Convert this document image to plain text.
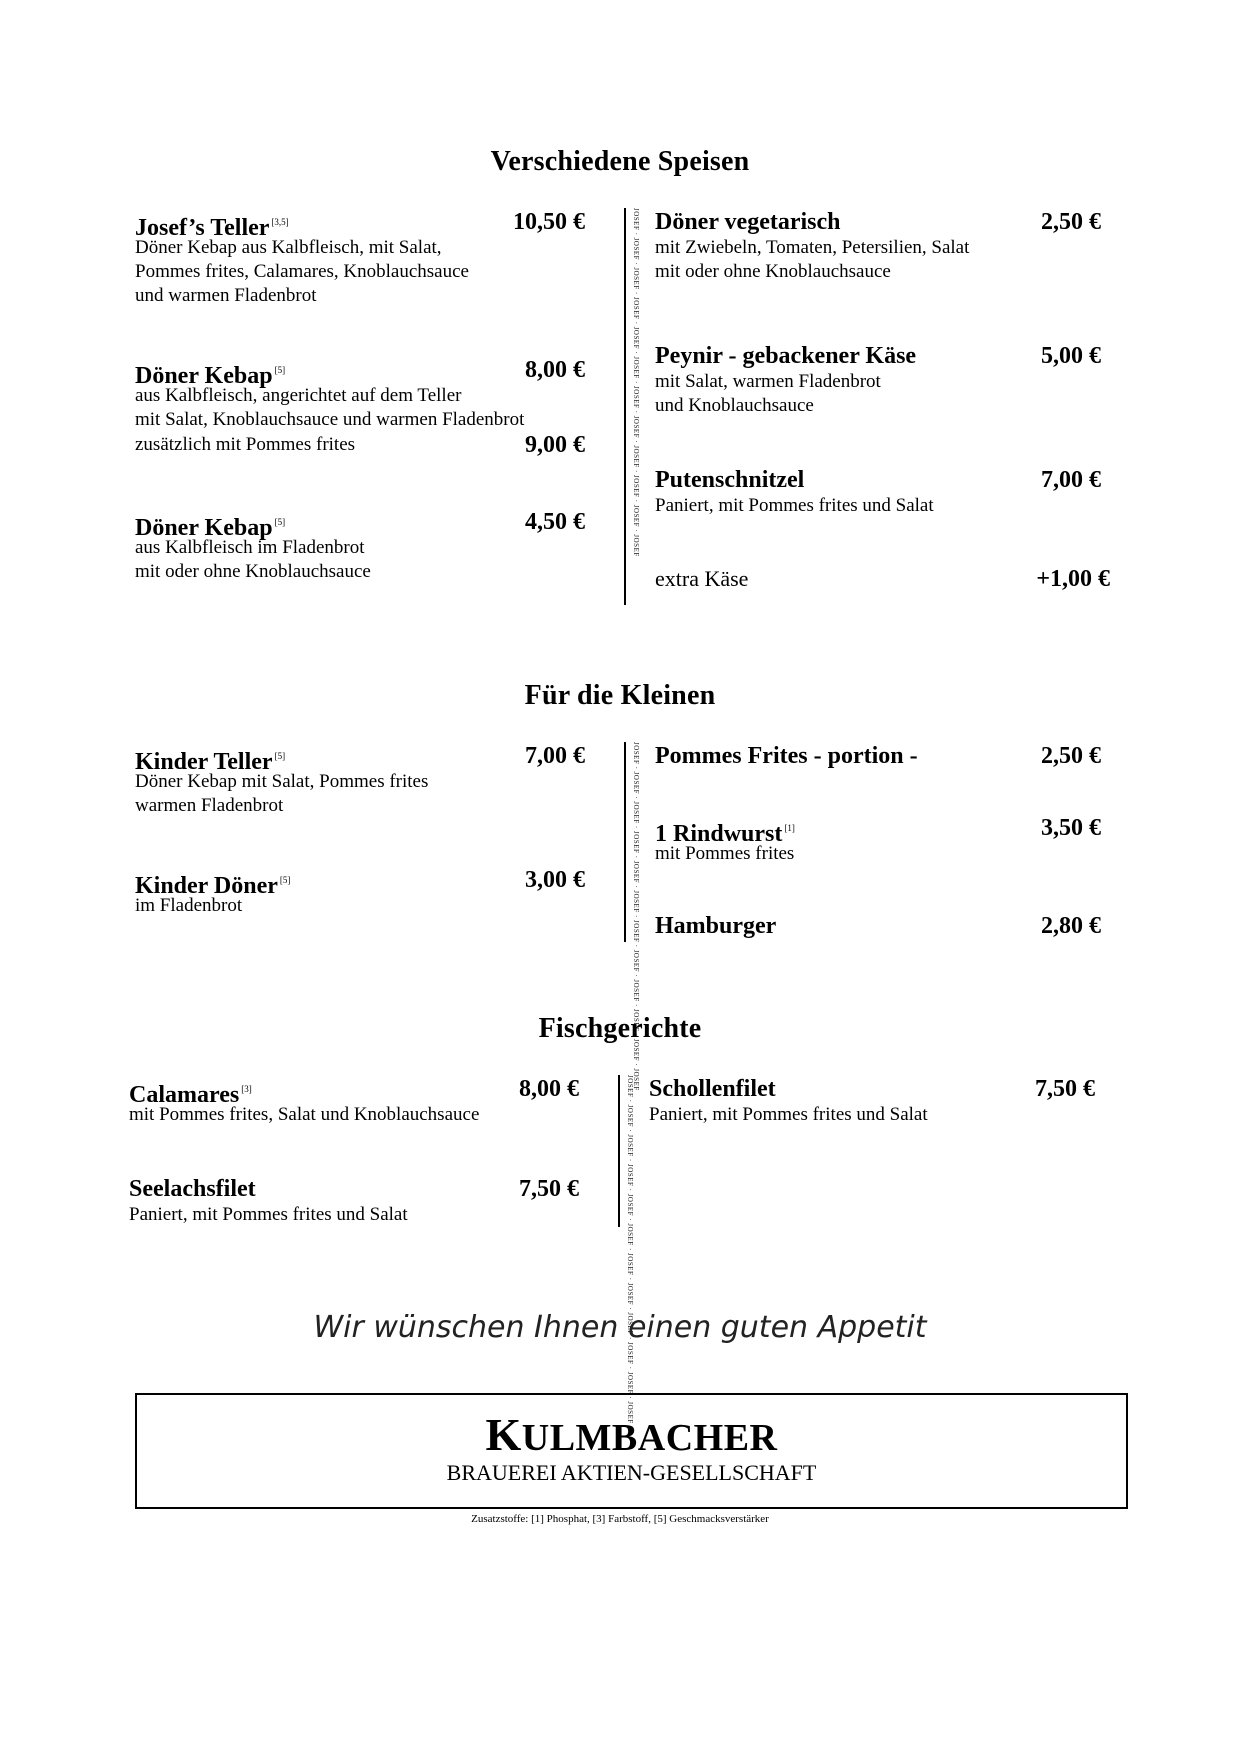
Verschiedene Speisen
Josef’s Teller [3,5]	10,50 €
Döner Kebap aus Kalbfleisch, mit Salat,
Pommes frites, Calamares, Knoblauchsauce
und warmen Fladenbrot
Döner Kebap [5]	8,00 €
aus Kalbfleisch, angerichtet auf dem Teller
mit Salat, Knoblauchsauce und warmen Fladenbrot
zusätzlich mit Pommes frites	9,00 €
Döner Kebap [5]	4,50 €
aus Kalbfleisch im Fladenbrot
mit oder ohne Knoblauchsauce
JOSEF · JOSEF · JOSEF · JOSEF · JOSEF · JOSEF · JOSEF · JOSEF · JOSEF · JOSEF · JOSEF · JOSEF Döner vegetarisch	2,50 €
mit Zwiebeln, Tomaten, Petersilien, Salat
mit oder ohne Knoblauchsauce
Peynir - gebackener Käse	5,00 €
mit Salat, warmen Fladenbrot
und Knoblauchsauce
Putenschnitzel	7,00 €
Paniert, mit Pommes frites und Salat
extra Käse	+1,00 €
Für die Kleinen
Kinder Teller [5]	7,00 €
Döner Kebap mit Salat, Pommes frites
warmen Fladenbrot
Kinder Döner [5]	3,00 €
im Fladenbrot	JOSEF · JOSEF · JOSEF · JOSEF · JOSEF · JOSEF · JOSEF · JOSEF · JOSEF · JOSEF · JOSEF · JOSEF Pommes Frites - portion -	2,50 €
1 Rindwurst [1]	3,50 €
mit Pommes frites
Hamburger	2,80 €
Fischgerichte
Calamares [3]	8,00 €
mit Pommes frites, Salat und Knoblauchsauce
Seelachsfilet	7,50 €
Paniert, mit Pommes frites und Salat	JOSEF · JOSEF · JOSEF · JOSEF · JOSEF · JOSEF · JOSEF · JOSEF · JOSEF · JOSEF · JOSEF · JOSEF Schollenfilet	7,50 €
Paniert, mit Pommes frites und Salat
Wir wünschen Ihnen einen guten Appetit
KULMBACHER
BRAUEREI AKTIEN-GESELLSCHAFT
Zusatzstoffe: [1] Phosphat, [3] Farbstoff, [5] Geschmacksverstärker
